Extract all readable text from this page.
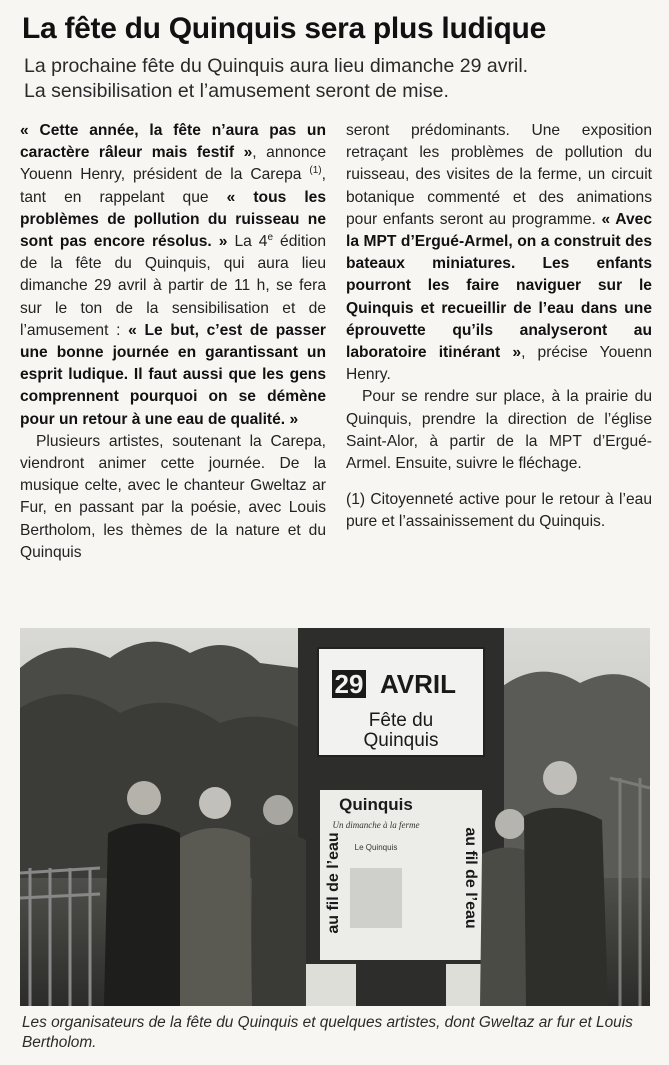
La fête du Quinquis sera plus ludique
La prochaine fête du Quinquis aura lieu dimanche 29 avril.
La sensibilisation et l’amusement seront de mise.

« Cette année, la fête n’aura pas un caractère râleur mais festif », annonce Youenn Henry, président de la Carepa $^{(1)}$, tant en rappelant que « tous les problèmes de pollution du ruisseau ne sont pas encore résolus. » La 4e édition de la fête du Quinquis, qui aura lieu dimanche 29 avril à partir de 11 h, se fera sur le ton de la sensibilisation et de l’amusement : « Le but, c’est de passer une bonne journée en garantissant un esprit ludique. Il faut aussi que les gens comprennent pourquoi on se démène pour un retour à une eau de qualité. »

Plusieurs artistes, soutenant la Carepa, viendront animer cette journée. De la musique celte, avec le chanteur Gweltaz ar Fur, en passant par la poésie, avec Louis Bertholom, les thèmes de la nature et du Quinquis

seront prédominants. Une exposition retraçant les problèmes de pollution du ruisseau, des visites de la ferme, un circuit botanique commenté et des animations pour enfants seront au programme. « Avec la MPT d’Ergué-Armel, on a construit des bateaux miniatures. Les enfants pourront les faire naviguer sur le Quinquis et recueillir de l’eau dans une éprouvette qu’ils analyseront au laboratoire itinérant », précise Youenn Henry.

Pour se rendre sur place, à la prairie du Quinquis, prendre la direction de l’église Saint-Alor, à partir de la MPT d’Ergué-Armel. Ensuite, suivre le fléchage.

(1) Citoyenneté active pour le retour à l’eau pure et l’assainissement du Quinquis.

29 AVRIL
Fête du
Quinquis
Quinquis
Un dimanche à la ferme
Le Quinquis
au fil de l’eau	au fil de l’eau
Les organisateurs de la fête du Quinquis et quelques artistes, dont Gweltaz ar fur et Louis Bertholom.
